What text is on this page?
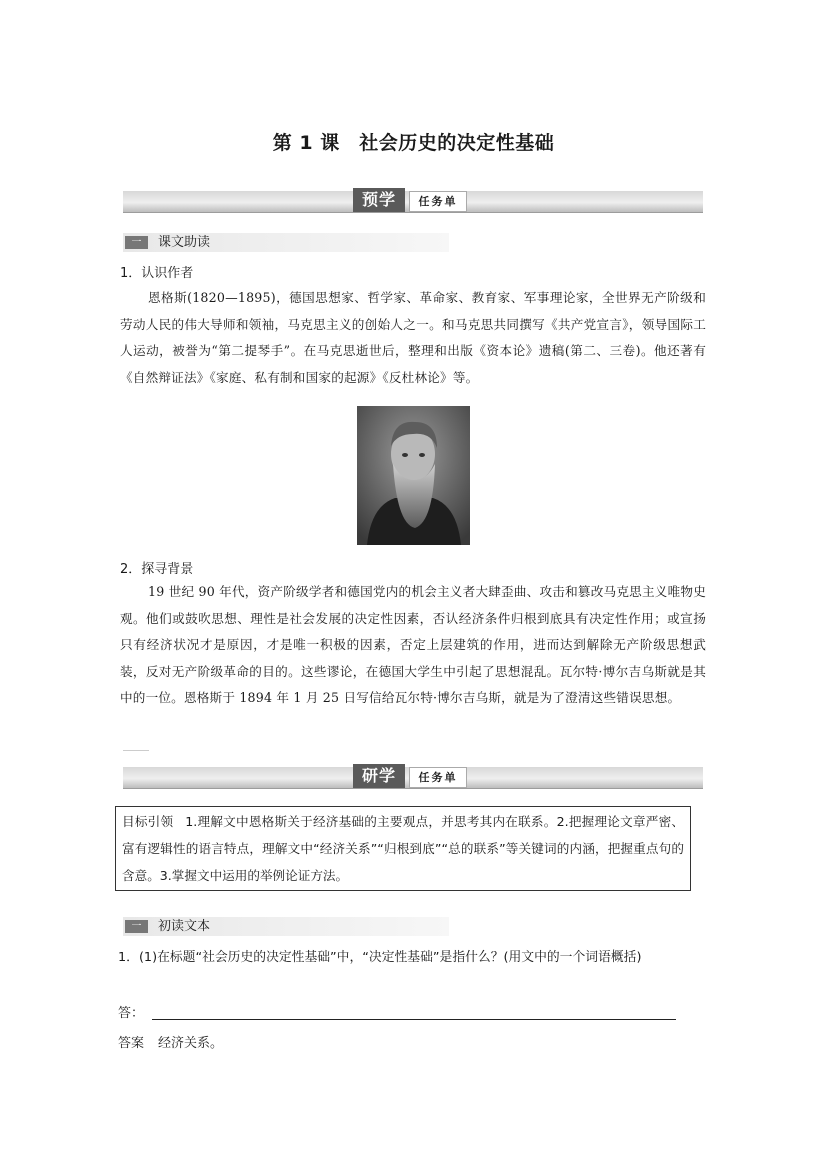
第 1 课　社会历史的决定性基础
预学	任务单
一	课文助读
1．认识作者
恩格斯(1820—1895)，德国思想家、哲学家、革命家、教育家、军事理论家，全世界无产阶级和劳动人民的伟大导师和领袖，马克思主义的创始人之一。和马克思共同撰写《共产党宣言》，领导国际工人运动，被誉为“第二提琴手”。在马克思逝世后，整理和出版《资本论》遗稿(第二、三卷)。他还著有《自然辩证法》《家庭、私有制和国家的起源》《反杜林论》等。
2．探寻背景
19 世纪 90 年代，资产阶级学者和德国党内的机会主义者大肆歪曲、攻击和篡改马克思主义唯物史观。他们或鼓吹思想、理性是社会发展的决定性因素，否认经济条件归根到底具有决定性作用；或宣扬只有经济状况才是原因，才是唯一积极的因素，否定上层建筑的作用，进而达到解除无产阶级思想武装，反对无产阶级革命的目的。这些谬论，在德国大学生中引起了思想混乱。瓦尔特·博尔吉乌斯就是其中的一位。恩格斯于 1894 年 1 月 25 日写信给瓦尔特·博尔吉乌斯，就是为了澄清这些错误思想。
研学	任务单
目标引领 1.理解文中恩格斯关于经济基础的主要观点，并思考其内在联系。2.把握理论文章严密、富有逻辑性的语言特点，理解文中“经济关系”“归根到底”“总的联系”等关键词的内涵，把握重点句的含意。3.掌握文中运用的举例论证方法。
一	初读文本
1．(1)在标题“社会历史的决定性基础”中，“决定性基础”是指什么？(用文中的一个词语概括)
答：
答案 经济关系。
